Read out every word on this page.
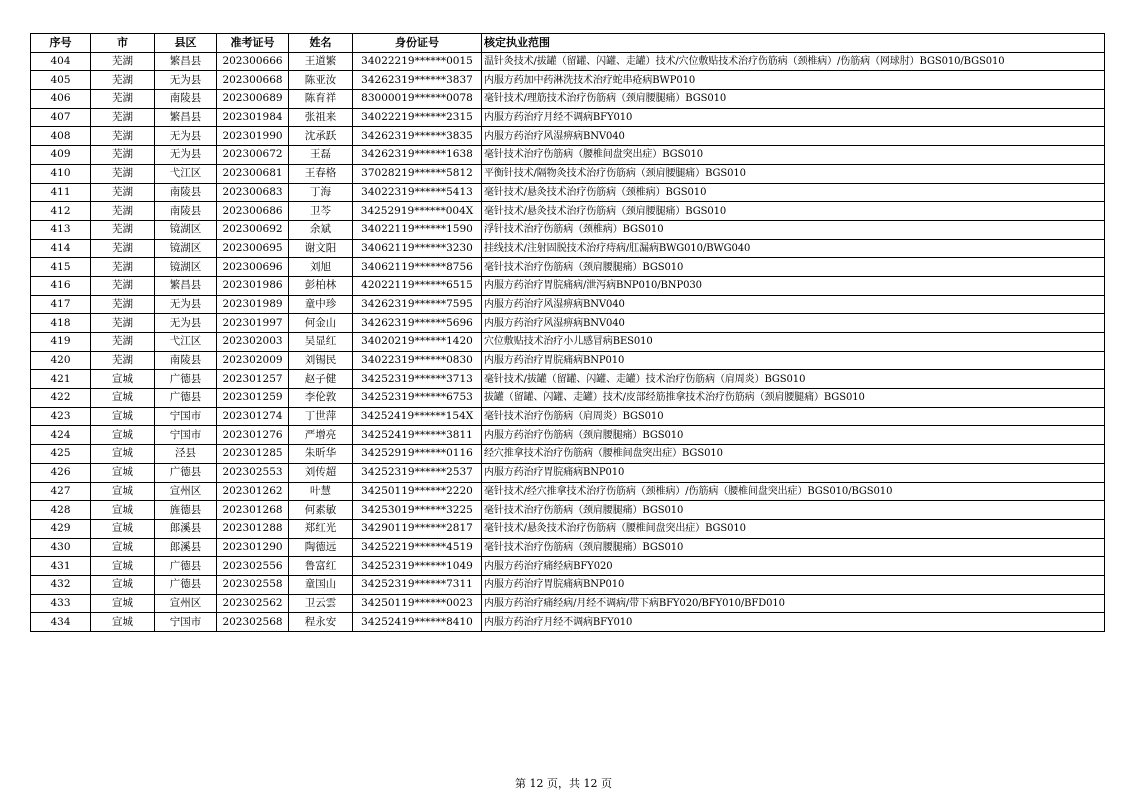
序号	市	县区	准考证号	姓名	身份证号	核定执业范围
404	芜湖	繁昌县	202300666	王道繁	34022219******0015	温针灸技术/拔罐（留罐、闪罐、走罐）技术/穴位敷贴技术治疗伤筋病（颈椎病）/伤筋病（网球肘）BGS010/BGS010
405	芜湖	无为县	202300668	陈亚汝	34262319******3837	内服方药加中药淋洗技术治疗蛇串疮病BWP010
406	芜湖	南陵县	202300689	陈育祥	83000019******0078	毫针技术/理筋技术治疗伤筋病（颈肩腰腿痛）BGS010
407	芜湖	繁昌县	202301984	张祖来	34022219******2315	内服方药治疗月经不调病BFY010
408	芜湖	无为县	202301990	沈承跃	34262319******3835	内服方药治疗风湿痹病BNV040
409	芜湖	无为县	202300672	王磊	34262319******1638	毫针技术治疗伤筋病（腰椎间盘突出症）BGS010
410	芜湖	弋江区	202300681	王春格	37028219******5812	平衡针技术/隔物灸技术治疗伤筋病（颈肩腰腿痛）BGS010
411	芜湖	南陵县	202300683	丁海	34022319******5413	毫针技术/悬灸技术治疗伤筋病（颈椎病）BGS010
412	芜湖	南陵县	202300686	卫芩	34252919******004X	毫针技术/悬灸技术治疗伤筋病（颈肩腰腿痛）BGS010
413	芜湖	镜湖区	202300692	余斌	34022119******1590	浮针技术治疗伤筋病（颈椎病）BGS010
414	芜湖	镜湖区	202300695	谢文阳	34062119******3230	挂线技术/注射固脱技术治疗痔病/肛漏病BWG010/BWG040
415	芜湖	镜湖区	202300696	刘旭	34062119******8756	毫针技术治疗伤筋病（颈肩腰腿痛）BGS010
416	芜湖	繁昌县	202301986	彭柏林	42022119******6515	内服方药治疗胃脘痛病/泄泻病BNP010/BNP030
417	芜湖	无为县	202301989	童中珍	34262319******7595	内服方药治疗风湿痹病BNV040
418	芜湖	无为县	202301997	何金山	34262319******5696	内服方药治疗风湿痹病BNV040
419	芜湖	弋江区	202302003	吴显红	34020219******1420	穴位敷贴技术治疗小儿感冒病BES010
420	芜湖	南陵县	202302009	刘锡民	34022319******0830	内服方药治疗胃脘痛病BNP010
421	宣城	广德县	202301257	赵子健	34252319******3713	毫针技术/拔罐（留罐、闪罐、走罐）技术治疗伤筋病（肩周炎）BGS010
422	宣城	广德县	202301259	李伦敦	34252319******6753	拔罐（留罐、闪罐、走罐）技术/皮部经筋推拿技术治疗伤筋病（颈肩腰腿痛）BGS010
423	宣城	宁国市	202301274	丁世萍	34252419******154X	毫针技术治疗伤筋病（肩周炎）BGS010
424	宣城	宁国市	202301276	严增亮	34252419******3811	内服方药治疗伤筋病（颈肩腰腿痛）BGS010
425	宣城	泾县	202301285	朱昕华	34252919******0116	经穴推拿技术治疗伤筋病（腰椎间盘突出症）BGS010
426	宣城	广德县	202302553	刘传超	34252319******2537	内服方药治疗胃脘痛病BNP010
427	宣城	宣州区	202301262	叶慧	34250119******2220	毫针技术/经穴推拿技术治疗伤筋病（颈椎病）/伤筋病（腰椎间盘突出症）BGS010/BGS010
428	宣城	旌德县	202301268	何素敏	34253019******3225	毫针技术治疗伤筋病（颈肩腰腿痛）BGS010
429	宣城	郎溪县	202301288	郑红光	34290119******2817	毫针技术/悬灸技术治疗伤筋病（腰椎间盘突出症）BGS010
430	宣城	郎溪县	202301290	陶德远	34252219******4519	毫针技术治疗伤筋病（颈肩腰腿痛）BGS010
431	宣城	广德县	202302556	鲁富红	34252319******1049	内服方药治疗痛经病BFY020
432	宣城	广德县	202302558	童国山	34252319******7311	内服方药治疗胃脘痛病BNP010
433	宣城	宣州区	202302562	卫云雲	34250119******0023	内服方药治疗痛经病/月经不调病/带下病BFY020/BFY010/BFD010
434	宣城	宁国市	202302568	程永安	34252419******8410	内服方药治疗月经不调病BFY010
第 12 页，共 12 页
